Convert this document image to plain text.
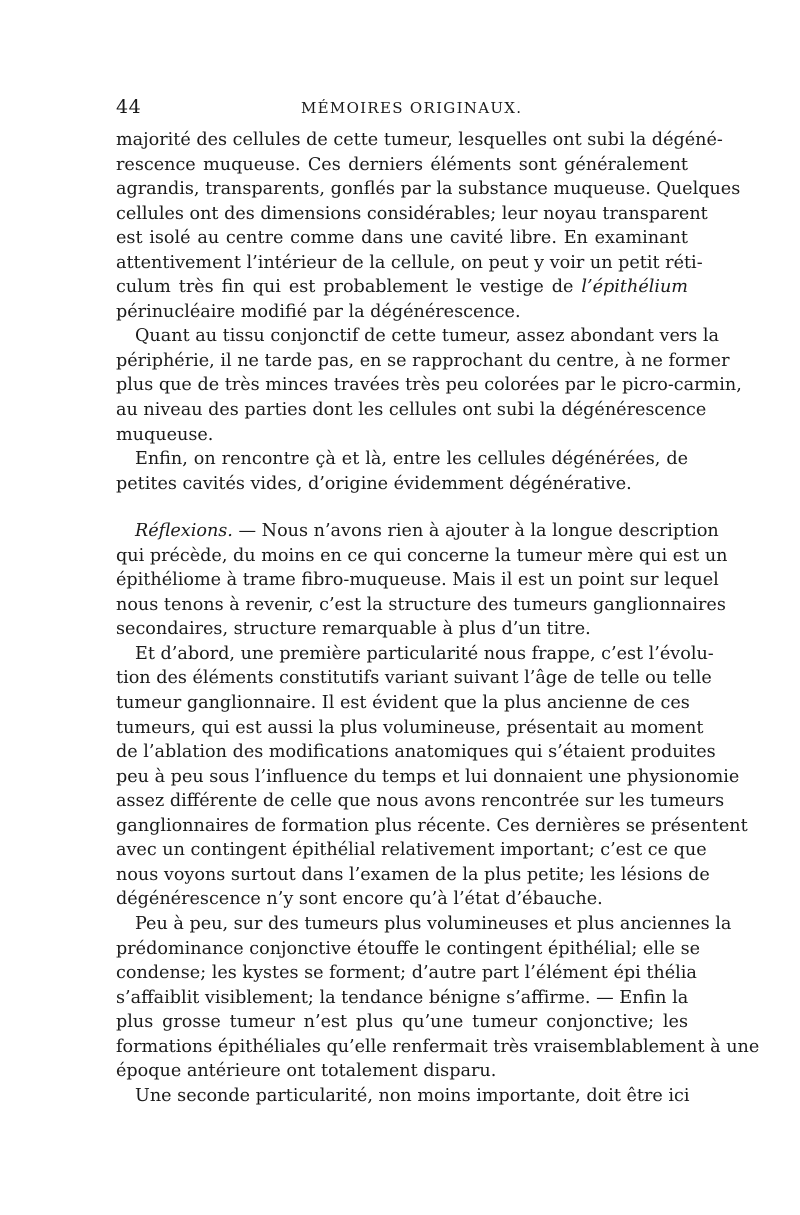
44	MÉMOIRES ORIGINAUX.
majorité des cellules de cette tumeur, lesquelles ont subi la dégéné-
rescence muqueuse. Ces derniers éléments sont généralement
agrandis, transparents, gonflés par la substance muqueuse. Quelques
cellules ont des dimensions considérables; leur noyau transparent
est isolé au centre comme dans une cavité libre. En examinant
attentivement l’intérieur de la cellule, on peut y voir un petit réti-
culum très fin qui est probablement le vestige de l’épithélium
périnucléaire modifié par la dégénérescence.
Quant au tissu conjonctif de cette tumeur, assez abondant vers la
périphérie, il ne tarde pas, en se rapprochant du centre, à ne former
plus que de très minces travées très peu colorées par le picro-carmin,
au niveau des parties dont les cellules ont subi la dégénérescence
muqueuse.
Enfin, on rencontre çà et là, entre les cellules dégénérées, de
petites cavités vides, d’origine évidemment dégénérative.
Réflexions. — Nous n’avons rien à ajouter à la longue description
qui précède, du moins en ce qui concerne la tumeur mère qui est un
épithéliome à trame fibro-muqueuse. Mais il est un point sur lequel
nous tenons à revenir, c’est la structure des tumeurs ganglionnaires
secondaires, structure remarquable à plus d’un titre.
Et d’abord, une première particularité nous frappe, c’est l’évolu-
tion des éléments constitutifs variant suivant l’âge de telle ou telle
tumeur ganglionnaire. Il est évident que la plus ancienne de ces
tumeurs, qui est aussi la plus volumineuse, présentait au moment
de l’ablation des modifications anatomiques qui s’étaient produites
peu à peu sous l’influence du temps et lui donnaient une physionomie
assez différente de celle que nous avons rencontrée sur les tumeurs
ganglionnaires de formation plus récente. Ces dernières se présentent
avec un contingent épithélial relativement important; c’est ce que
nous voyons surtout dans l’examen de la plus petite; les lésions de
dégénérescence n’y sont encore qu’à l’état d’ébauche.
Peu à peu, sur des tumeurs plus volumineuses et plus anciennes la
prédominance conjonctive étouffe le contingent épithélial; elle se
condense; les kystes se forment; d’autre part l’élément épi thélia
s’affaiblit visiblement; la tendance bénigne s’affirme. — Enfin la
plus grosse tumeur n’est plus qu’une tumeur conjonctive; les
formations épithéliales qu’elle renfermait très vraisemblablement à une
époque antérieure ont totalement disparu.
Une seconde particularité, non moins importante, doit être ici
